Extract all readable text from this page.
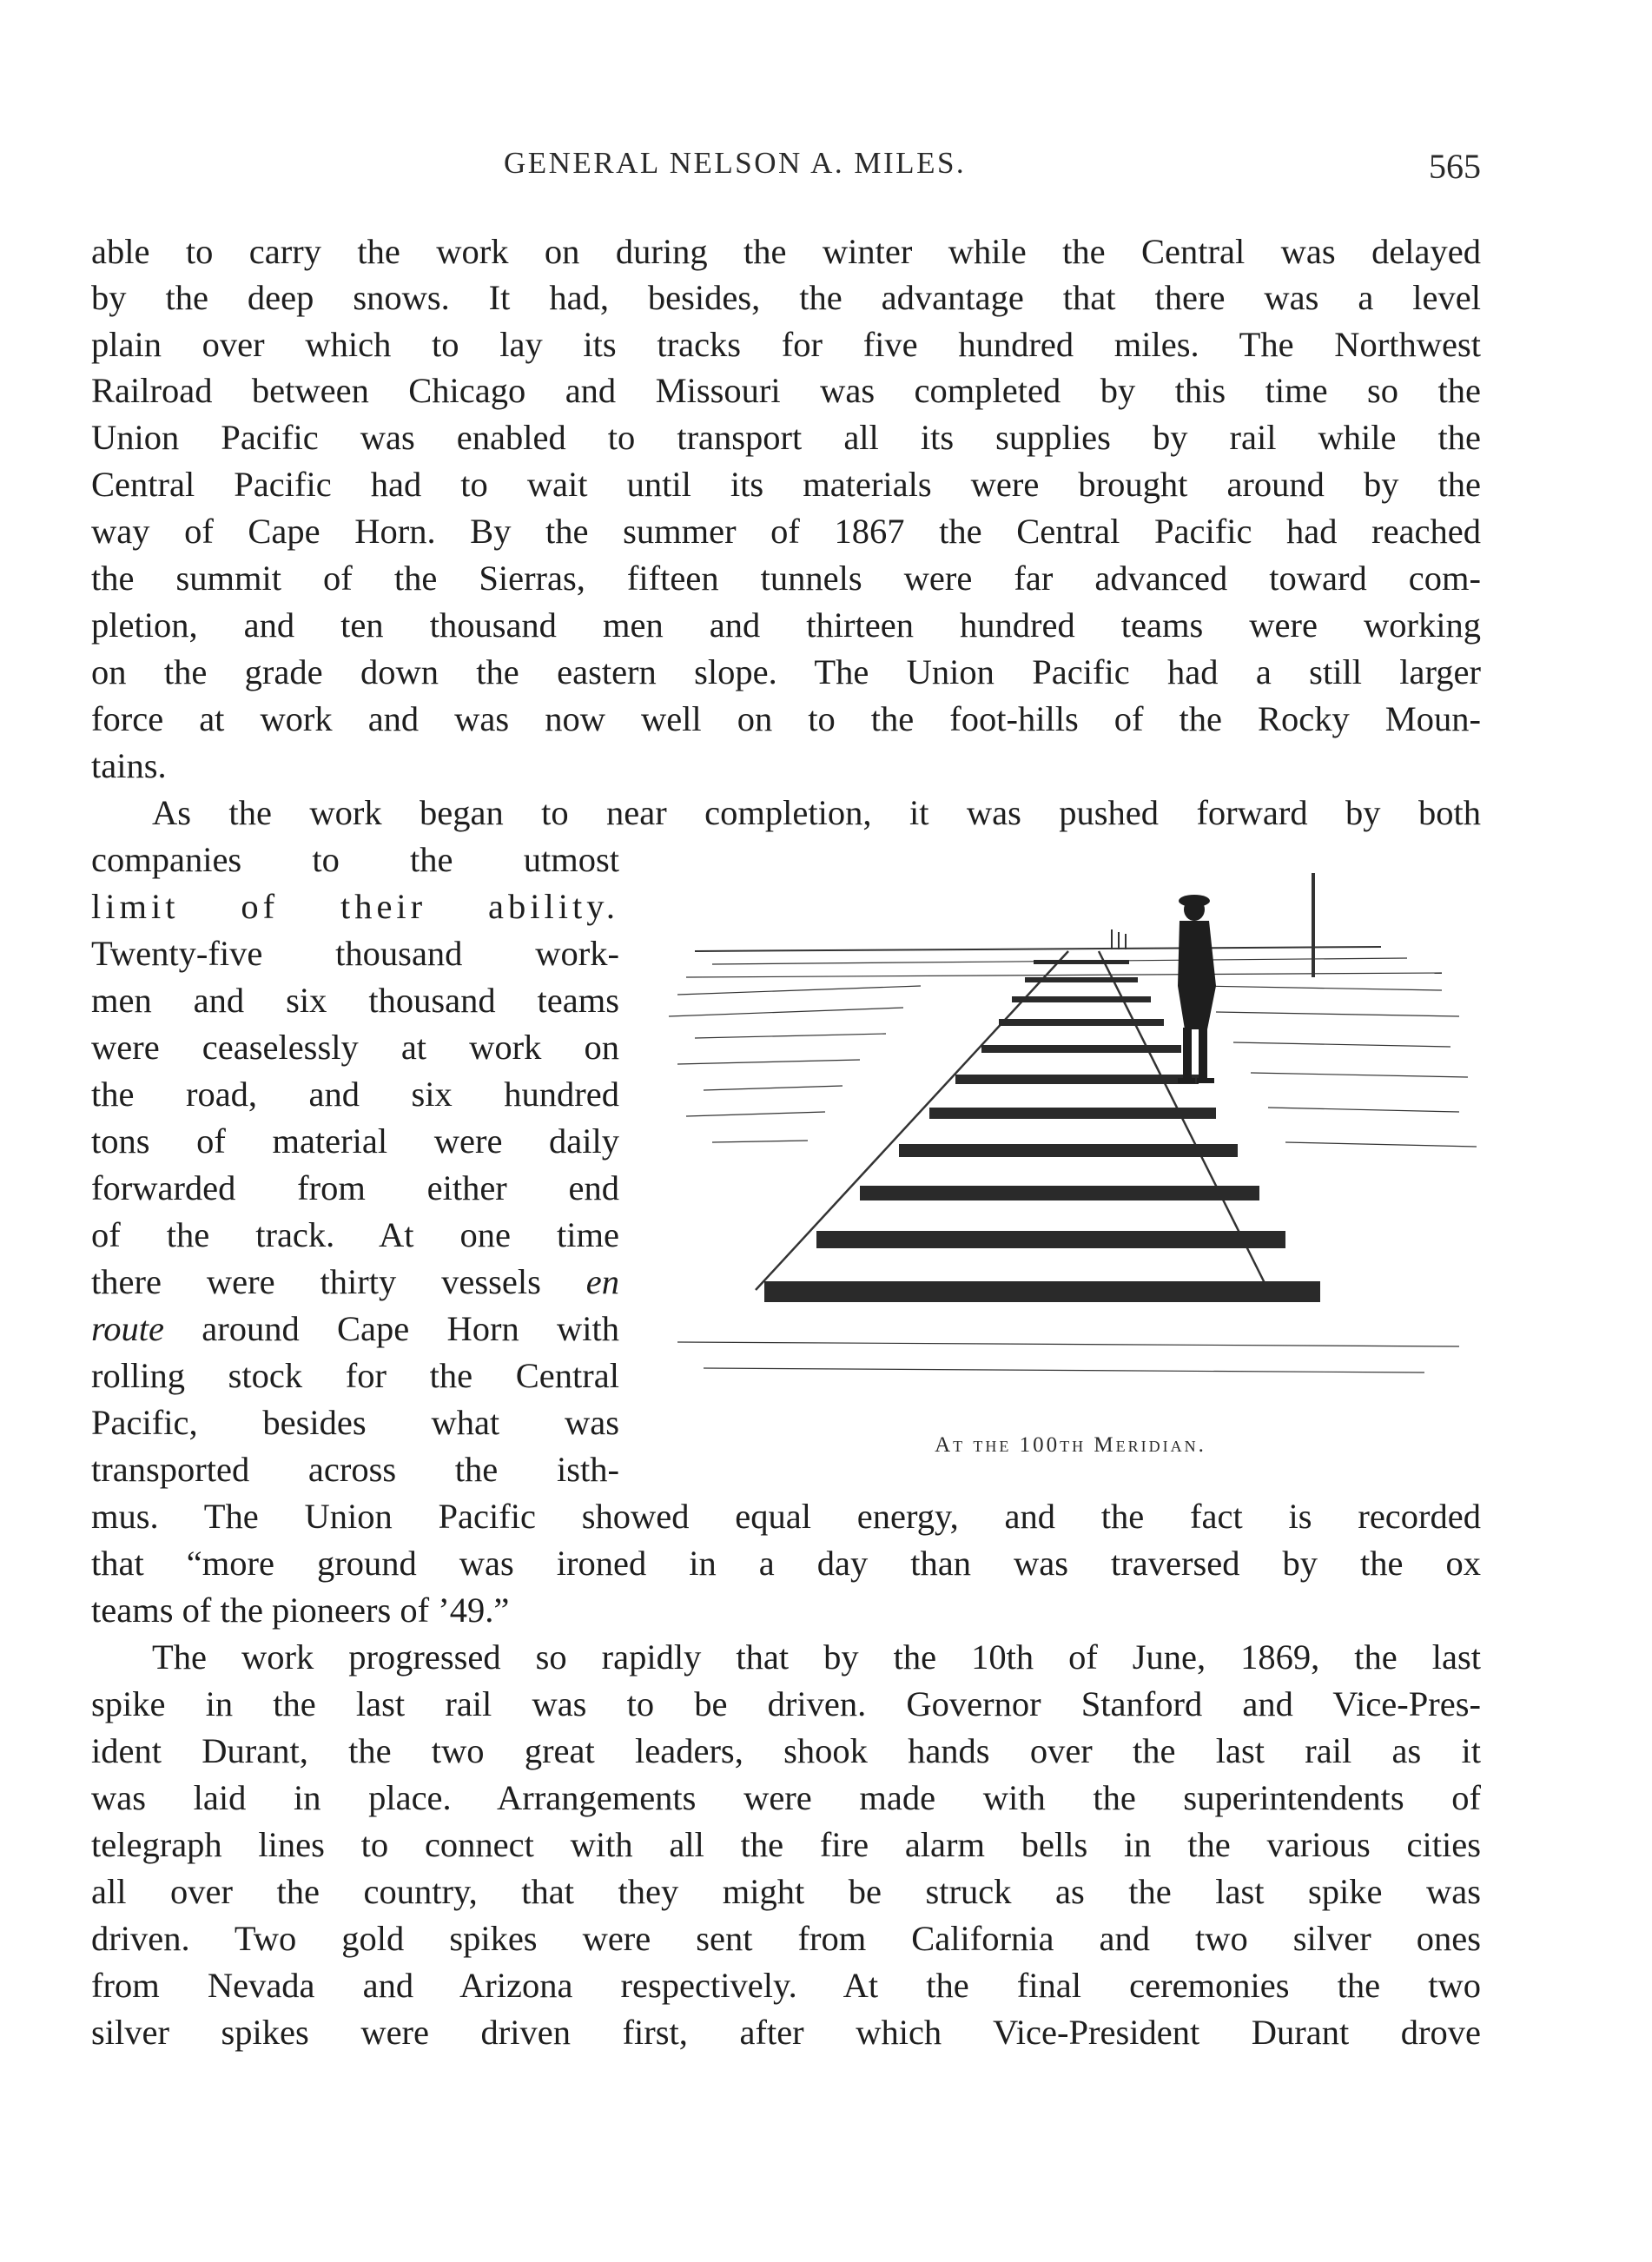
GENERAL NELSON A. MILES.	565
able to carry the work on during the winter while the Central was delayed
by the deep snows. It had, besides, the advantage that there was a level
plain over which to lay its tracks for five hundred miles. The Northwest
Railroad between Chicago and Missouri was completed by this time so the
Union Pacific was enabled to transport all its supplies by rail while the
Central Pacific had to wait until its materials were brought around by the
way of Cape Horn. By the summer of 1867 the Central Pacific had reached
the summit of the Sierras, fifteen tunnels were far advanced toward com-
pletion, and ten thousand men and thirteen hundred teams were working
on the grade down the eastern slope. The Union Pacific had a still larger
force at work and was now well on to the foot-hills of the Rocky Moun-
tains.
As the work began to near completion, it was pushed forward by both
companies to the utmost
limit of their ability.
Twenty-five thousand work-
men and six thousand teams
were ceaselessly at work on
the road, and six hundred
tons of material were daily
forwarded from either end
of the track. At one time
there were thirty vessels en
route around Cape Horn with
rolling stock for the Central
Pacific, besides what was
transported across the isth-
mus. The Union Pacific showed equal energy, and the fact is recorded
that “more ground was ironed in a day than was traversed by the ox
teams of the pioneers of ’49.”
The work progressed so rapidly that by the 10th of June, 1869, the last
spike in the last rail was to be driven. Governor Stanford and Vice-Pres-
ident Durant, the two great leaders, shook hands over the last rail as it
was laid in place. Arrangements were made with the superintendents of
telegraph lines to connect with all the fire alarm bells in the various cities
all over the country, that they might be struck as the last spike was
driven. Two gold spikes were sent from California and two silver ones
from Nevada and Arizona respectively. At the final ceremonies the two
silver spikes were driven first, after which Vice-President Durant drove
At the 100th Meridian.
